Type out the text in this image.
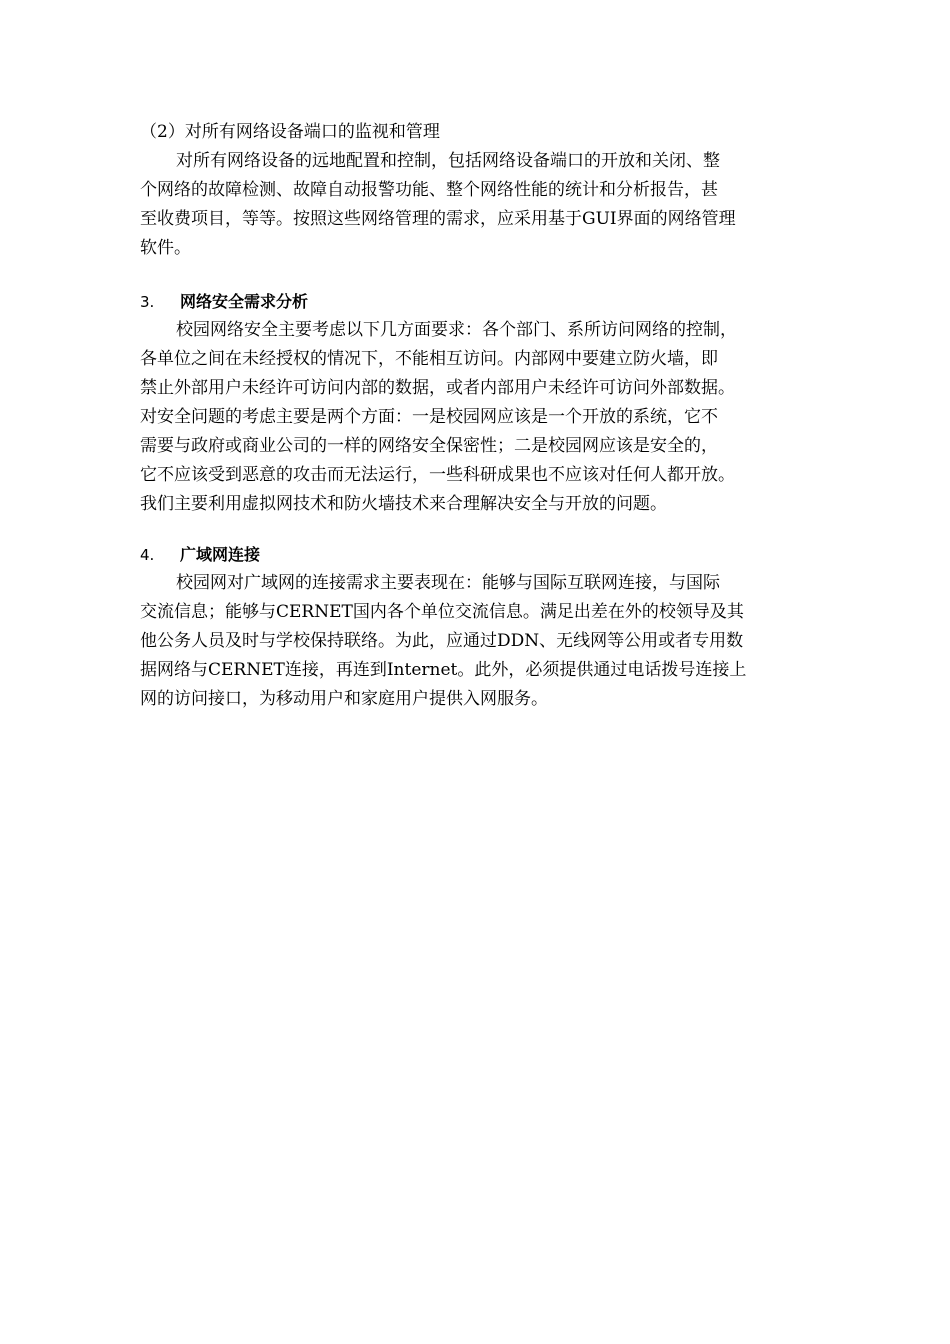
（2）对所有网络设备端口的监视和管理

对所有网络设备的远地配置和控制，包括网络设备端口的开放和关闭、整
个网络的故障检测、故障自动报警功能、整个网络性能的统计和分析报告，甚
至收费项目，等等。按照这些网络管理的需求，应采用基于GUI界面的网络管理
软件。
3. 网络安全需求分析
校园网络安全主要考虑以下几方面要求：各个部门、系所访问网络的控制，
各单位之间在未经授权的情况下，不能相互访问。内部网中要建立防火墙，即
禁止外部用户未经许可访问内部的数据，或者内部用户未经许可访问外部数据。
对安全问题的考虑主要是两个方面：一是校园网应该是一个开放的系统，它不
需要与政府或商业公司的一样的网络安全保密性；二是校园网应该是安全的，
它不应该受到恶意的攻击而无法运行，一些科研成果也不应该对任何人都开放。
我们主要利用虚拟网技术和防火墙技术来合理解决安全与开放的问题。
4. 广域网连接
校园网对广域网的连接需求主要表现在：能够与国际互联网连接，与国际
交流信息；能够与CERNET国内各个单位交流信息。满足出差在外的校领导及其
他公务人员及时与学校保持联络。为此，应通过DDN、无线网等公用或者专用数
据网络与CERNET连接，再连到Internet。此外，必须提供通过电话拨号连接上
网的访问接口，为移动用户和家庭用户提供入网服务。
